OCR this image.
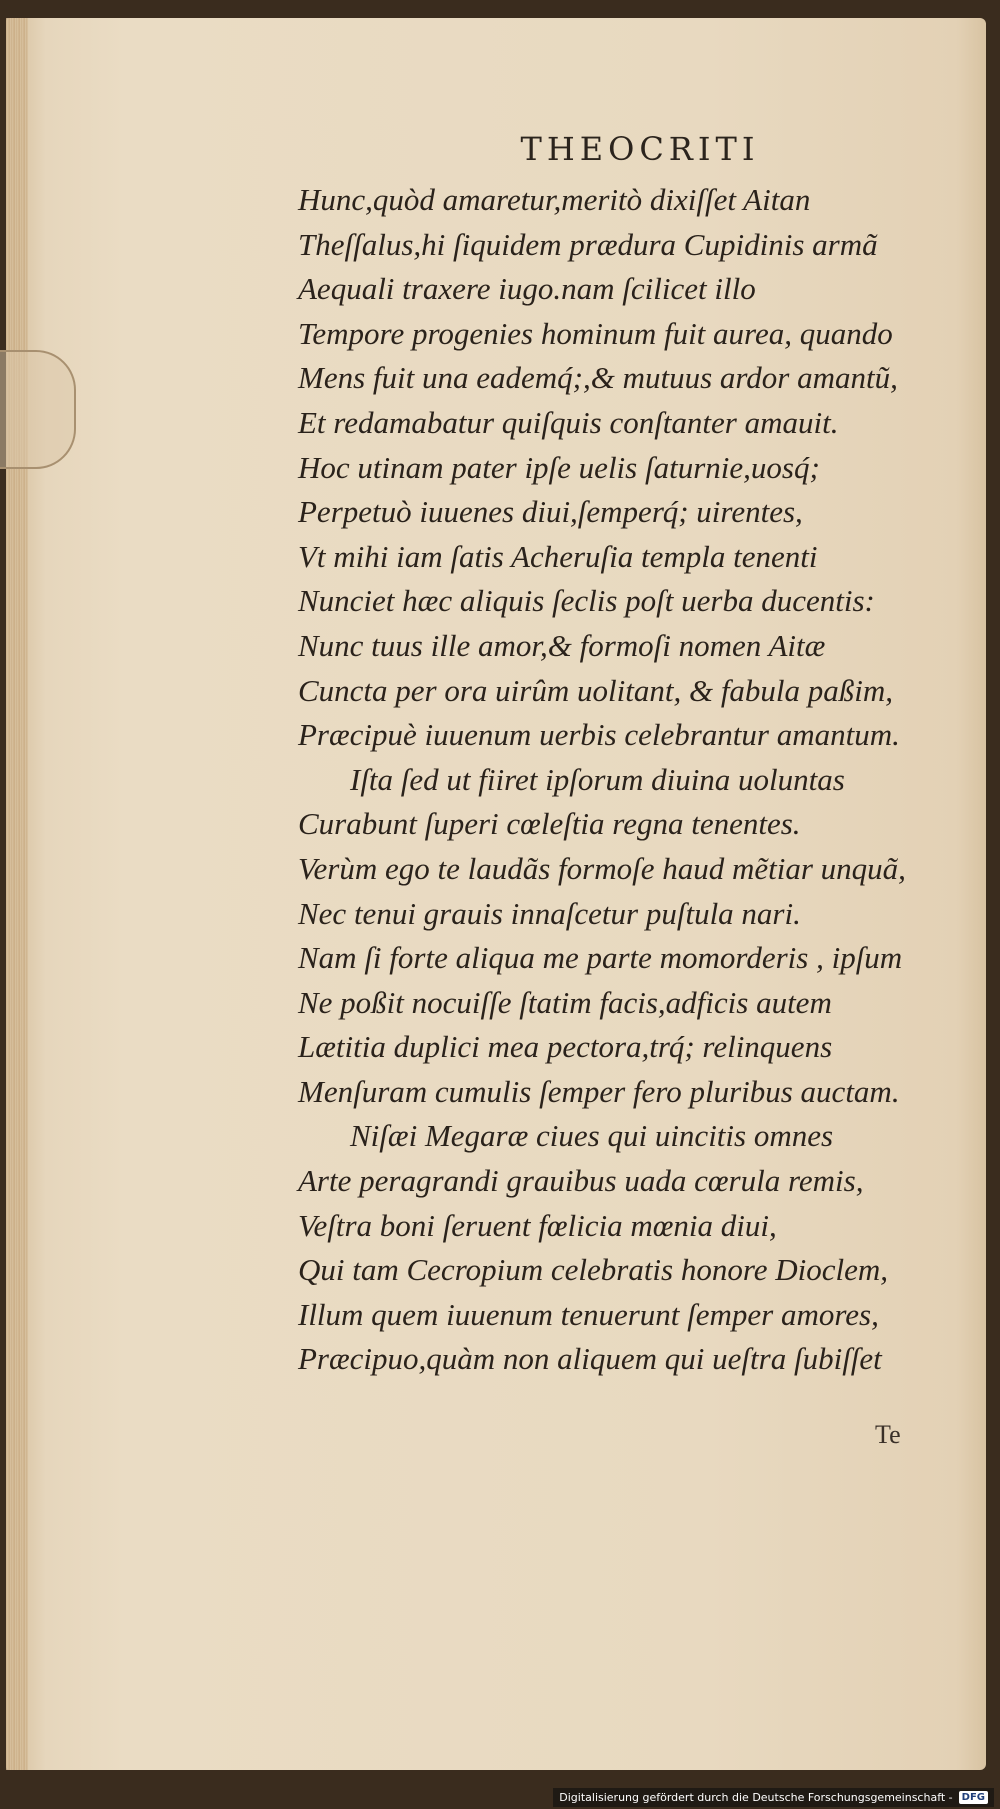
THEOCRITI
Hunc,quòd amaretur,meritò dixiſſet Aitan
Theſſalus,hi ſiquidem prædura Cupidinis armã
Aequali traxere iugo.nam ſcilicet illo
Tempore progenies hominum fuit aurea, quando
Mens fuit una eademq́;,& mutuus ardor amantũ,
Et redamabatur quiſquis conſtanter amauit.
Hoc utinam pater ipſe uelis ſaturnie,uosq́;
Perpetuò iuuenes diui,ſemperq́; uirentes,
Vt mihi iam ſatis Acheruſia templa tenenti
Nunciet hæc aliquis ſeclis poſt uerba ducentis:
Nunc tuus ille amor,& formoſi nomen Aitæ
Cuncta per ora uirûm uolitant, & fabula paßim,
Præcipuè iuuenum uerbis celebrantur amantum.
Iſta ſed ut fiiret ipſorum diuina uoluntas
Curabunt ſuperi cœleſtia regna tenentes.
Verùm ego te laudãs formoſe haud mẽtiar unquã,
Nec tenui grauis innaſcetur puſtula nari.
Nam ſi forte aliqua me parte momorderis , ipſum
Ne poßit nocuiſſe ſtatim facis,adficis autem
Lætitia duplici mea pectora,trq́; relinquens
Menſuram cumulis ſemper fero pluribus auctam.
Niſæi Megaræ ciues qui uincitis omnes
Arte peragrandi grauibus uada cœrula remis,
Veſtra boni ſeruent fœlicia mœnia diui,
Qui tam Cecropium celebratis honore Dioclem,
Illum quem iuuenum tenuerunt ſemper amores,
Præcipuo,quàm non aliquem qui ueſtra ſubiſſet
Te
Digitalisierung gefördert durch die Deutsche Forschungsgemeinschaft - DFG
